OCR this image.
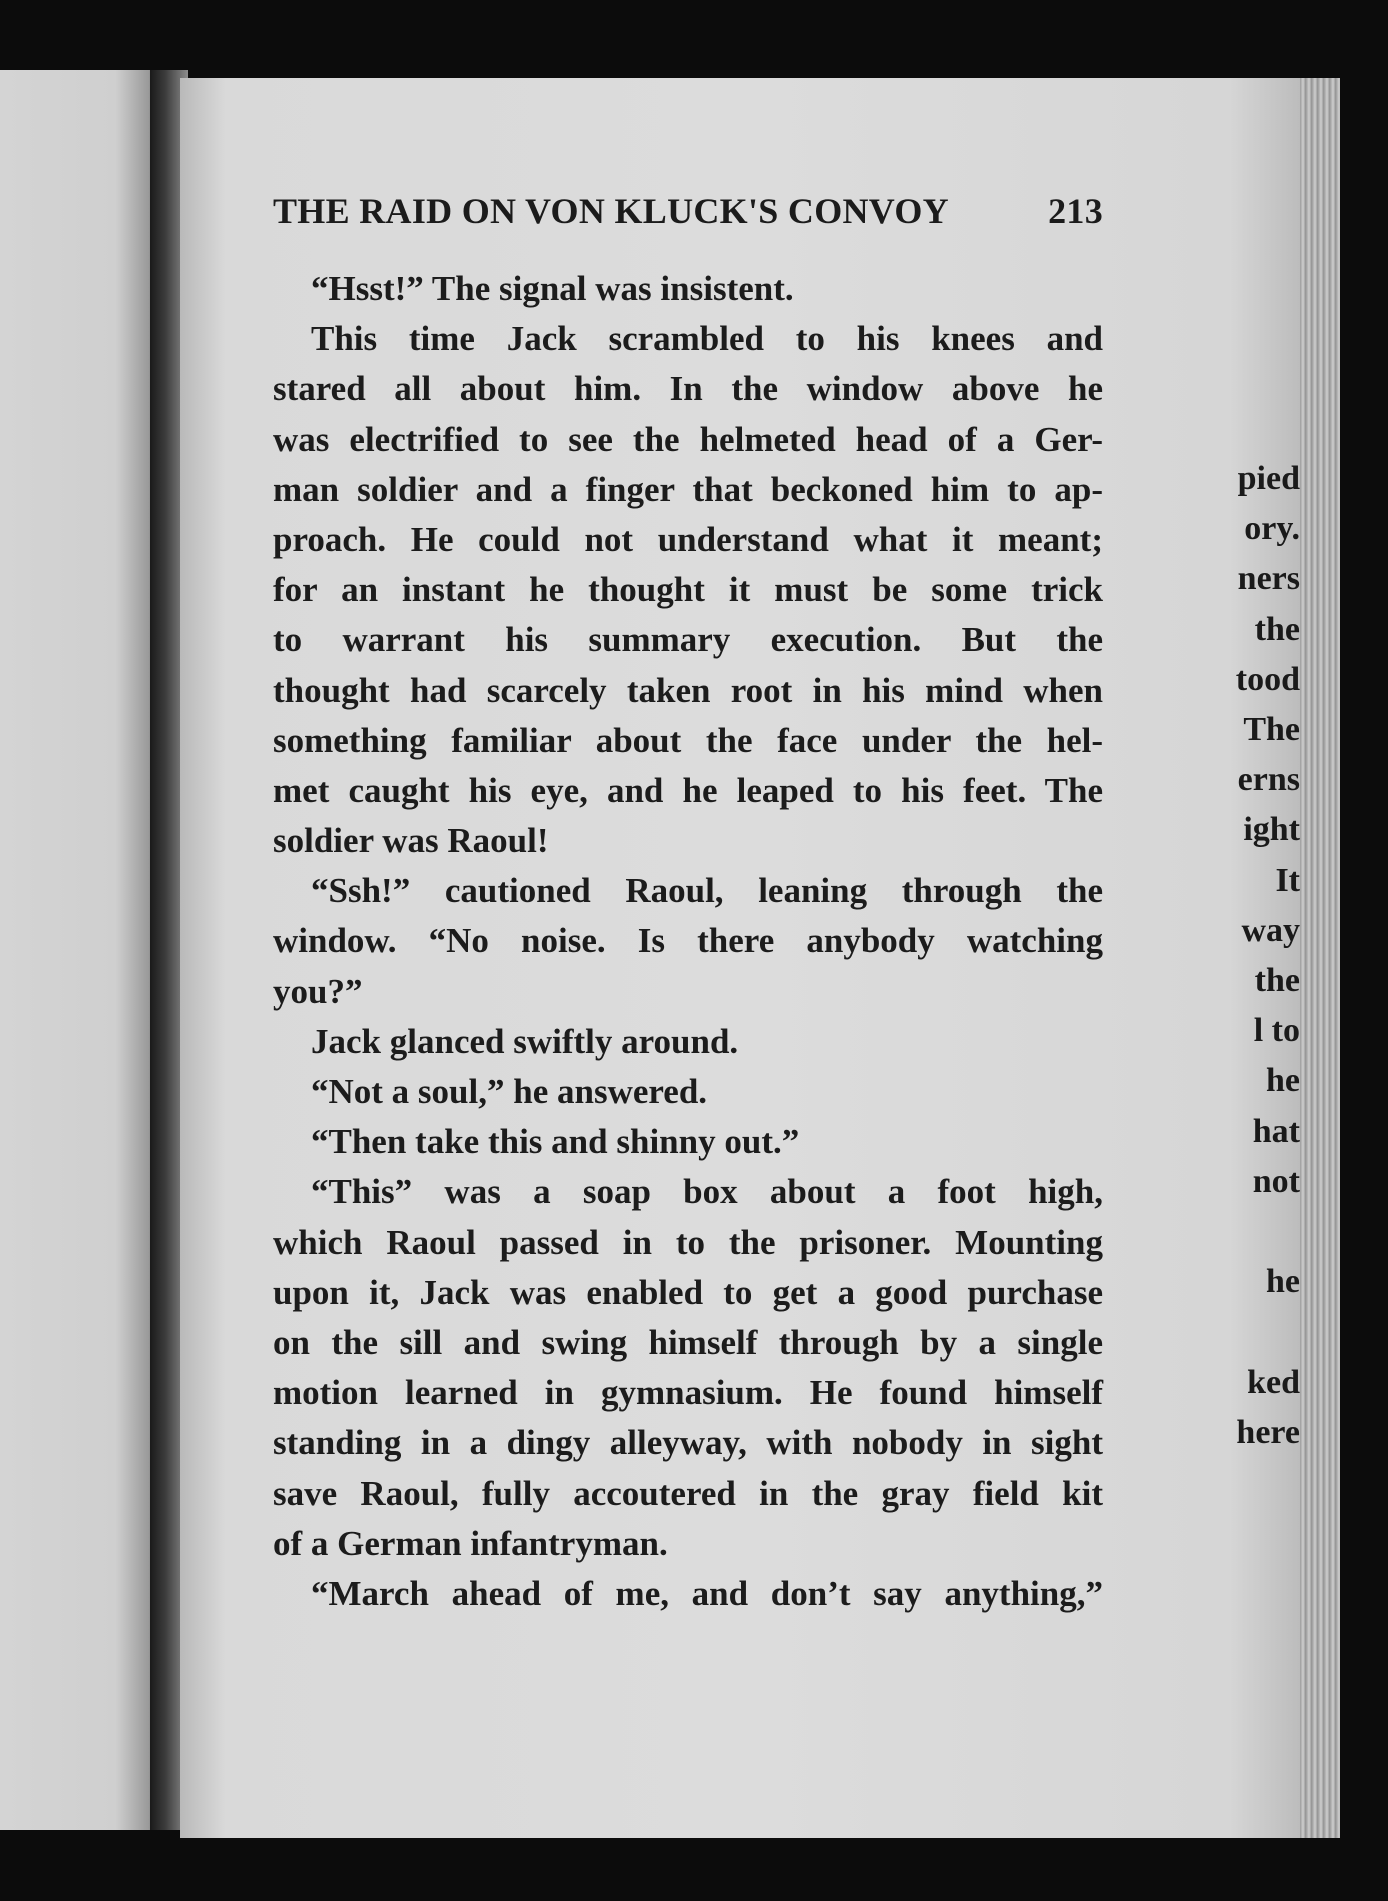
pied
ory.
ners
the
tood
The
erns
ight
It
way
the
l to
he
hat
not
he
ked
here
THE RAID ON VON KLUCK'S CONVOY	213
“Hsst!” The signal was insistent.
This time Jack scrambled to his knees and
stared all about him. In the window above he
was electrified to see the helmeted head of a Ger-
man soldier and a finger that beckoned him to ap-
proach. He could not understand what it meant;
for an instant he thought it must be some trick
to warrant his summary execution. But the
thought had scarcely taken root in his mind when
something familiar about the face under the hel-
met caught his eye, and he leaped to his feet. The
soldier was Raoul!
“Ssh!” cautioned Raoul, leaning through the
window. “No noise. Is there anybody watching
you?”
Jack glanced swiftly around.
“Not a soul,” he answered.
“Then take this and shinny out.”
“This” was a soap box about a foot high,
which Raoul passed in to the prisoner. Mounting
upon it, Jack was enabled to get a good purchase
on the sill and swing himself through by a single
motion learned in gymnasium. He found himself
standing in a dingy alleyway, with nobody in sight
save Raoul, fully accoutered in the gray field kit
of a German infantryman.
“March ahead of me, and don’t say anything,”
